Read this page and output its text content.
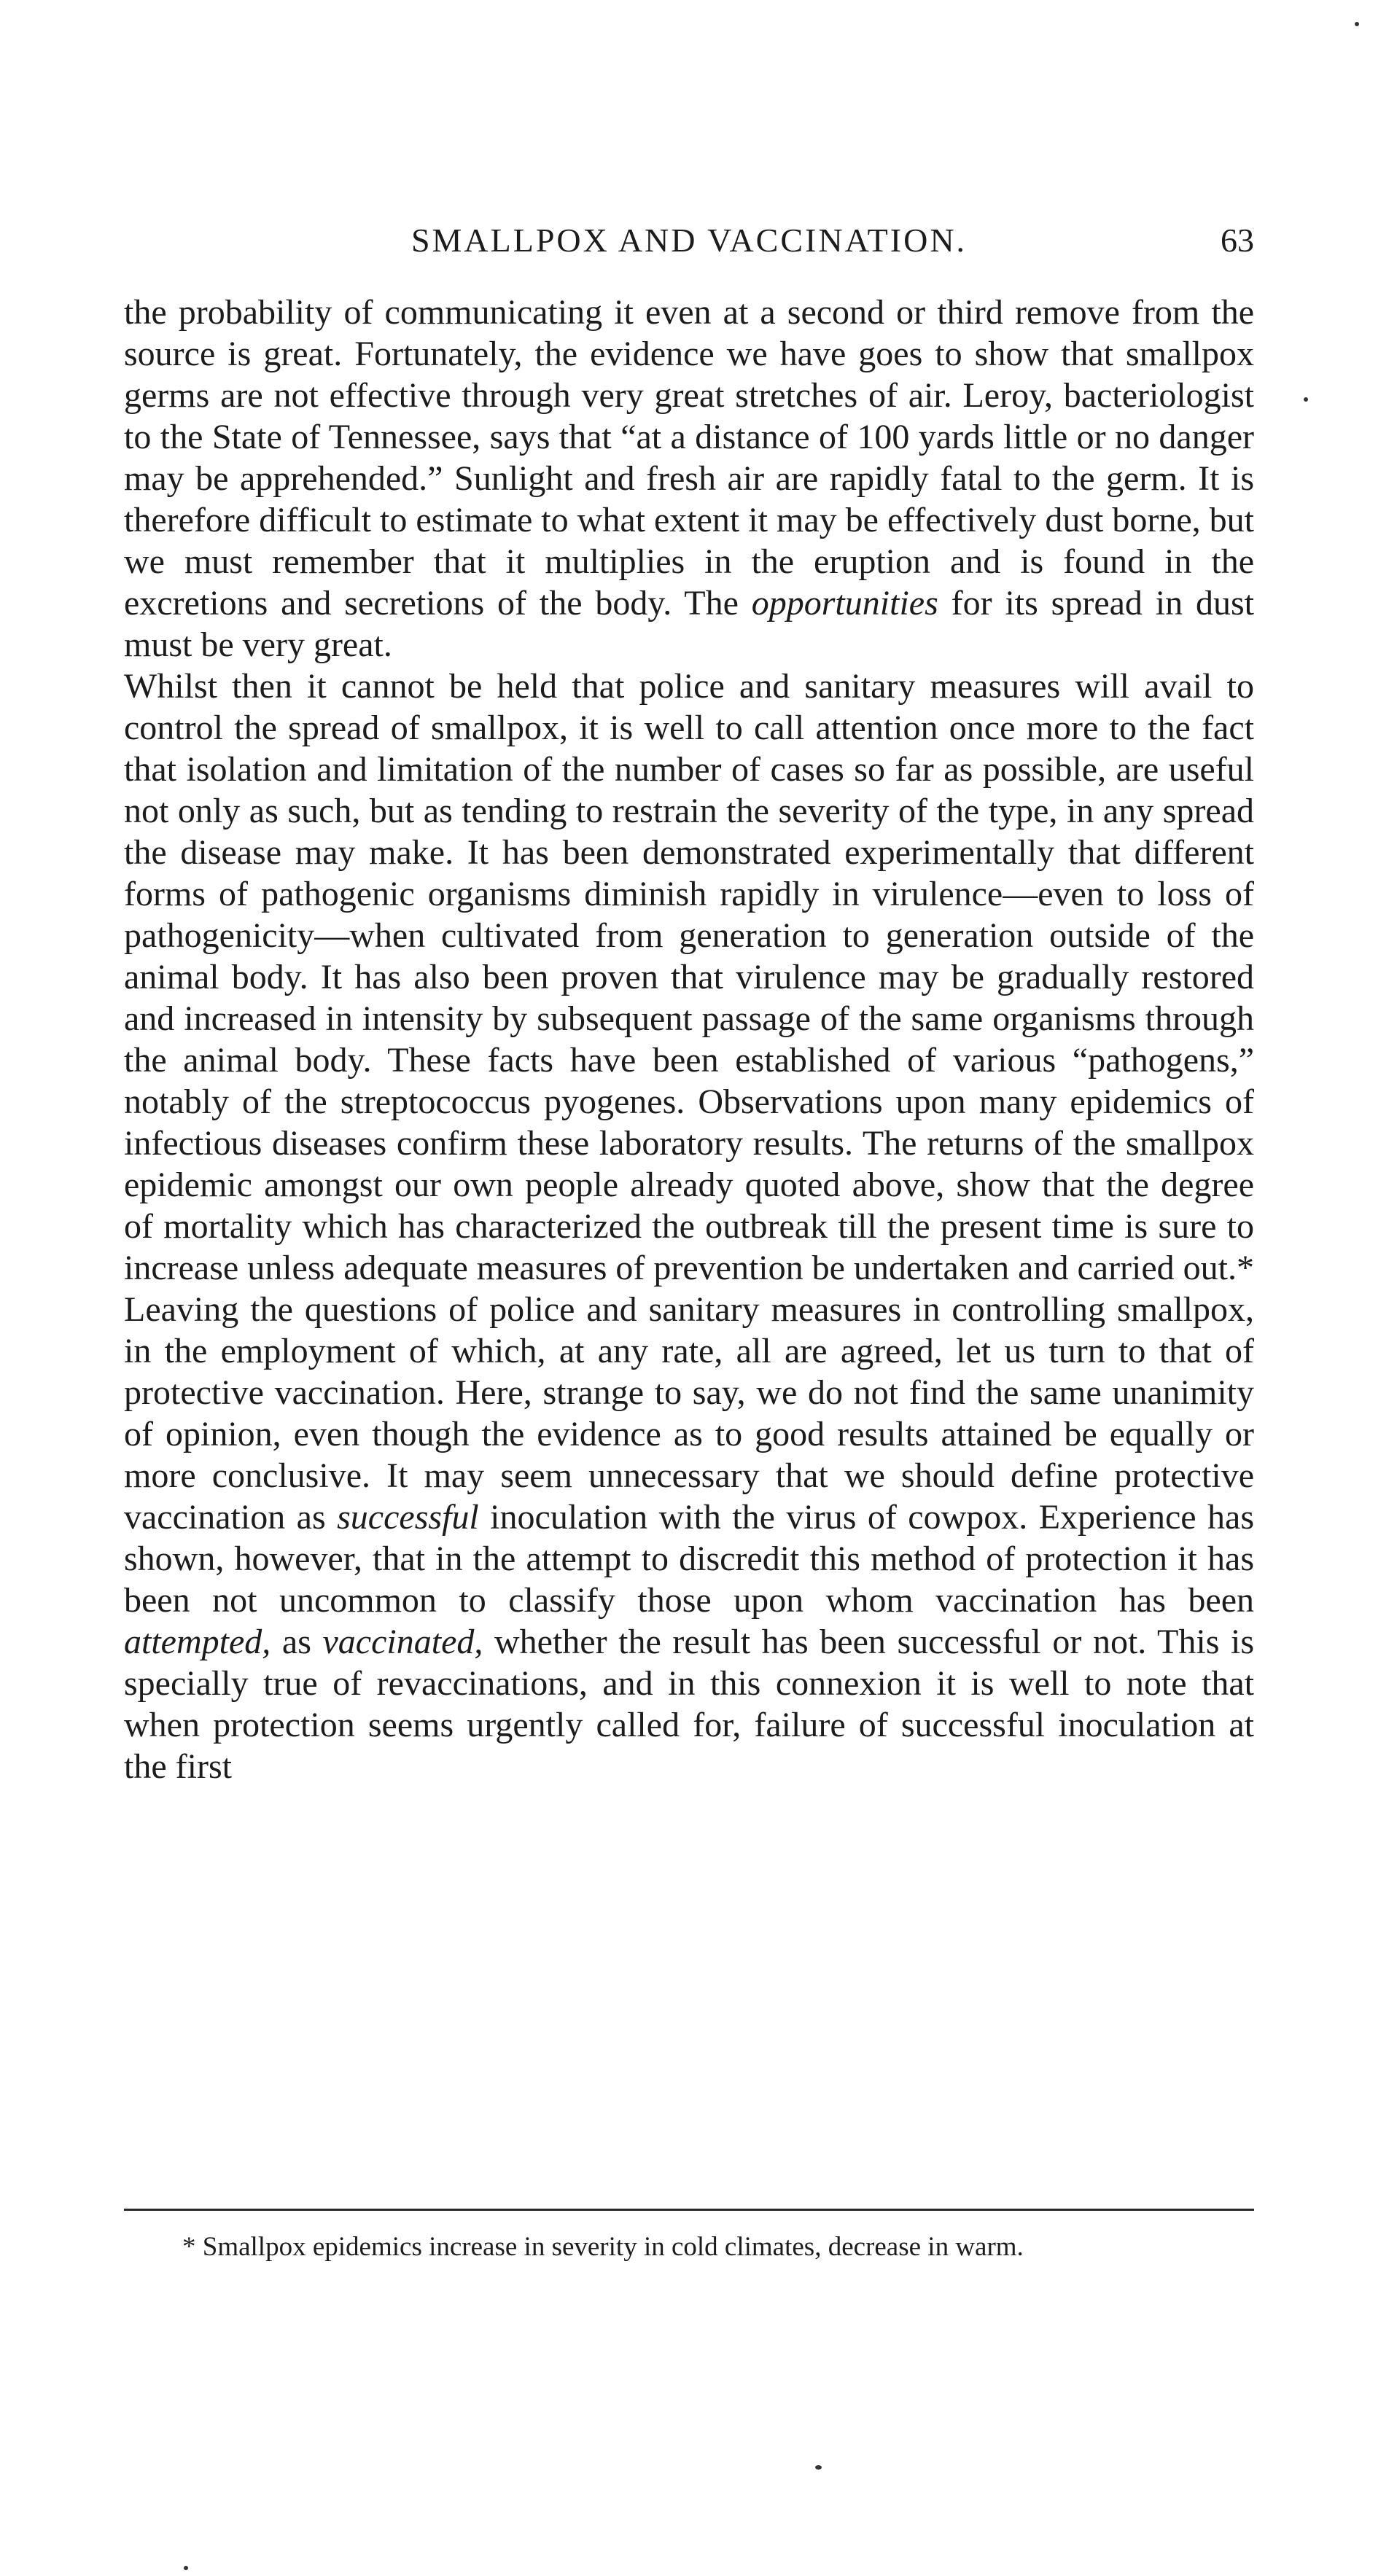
SMALLPOX AND VACCINATION.	63

the probability of communicating it even at a second or third remove from the source is great. Fortunately, the evidence we have goes to show that smallpox germs are not effective through very great stretches of air. Leroy, bacteriologist to the State of Tennessee, says that “at a distance of 100 yards little or no danger may be apprehended.” Sunlight and fresh air are rapidly fatal to the germ. It is therefore difficult to estimate to what extent it may be effectively dust borne, but we must remember that it multiplies in the eruption and is found in the excretions and secretions of the body. The opportunities for its spread in dust must be very great.

Whilst then it cannot be held that police and sanitary measures will avail to control the spread of smallpox, it is well to call attention once more to the fact that isolation and limitation of the number of cases so far as possible, are useful not only as such, but as tending to restrain the severity of the type, in any spread the disease may make. It has been demonstrated experimentally that different forms of pathogenic organisms diminish rapidly in virulence—even to loss of pathogenicity—when cultivated from generation to generation outside of the animal body. It has also been proven that virulence may be gradually restored and increased in intensity by subsequent passage of the same organisms through the animal body. These facts have been established of various “pathogens,” notably of the streptococcus pyogenes. Observations upon many epidemics of infectious diseases confirm these laboratory results. The returns of the smallpox epidemic amongst our own people already quoted above, show that the degree of mortality which has characterized the outbreak till the present time is sure to increase unless adequate measures of prevention be undertaken and carried out.*

Leaving the questions of police and sanitary measures in controlling smallpox, in the employment of which, at any rate, all are agreed, let us turn to that of protective vaccination. Here, strange to say, we do not find the same unanimity of opinion, even though the evidence as to good results attained be equally or more conclusive. It may seem unnecessary that we should define protective vaccination as successful inoculation with the virus of cowpox. Experience has shown, however, that in the attempt to discredit this method of protection it has been not uncommon to classify those upon whom vaccination has been attempted, as vaccinated, whether the result has been successful or not. This is specially true of revaccinations, and in this connexion it is well to note that when protection seems urgently called for, failure of successful inoculation at the first

* Smallpox epidemics increase in severity in cold climates, decrease in warm.
